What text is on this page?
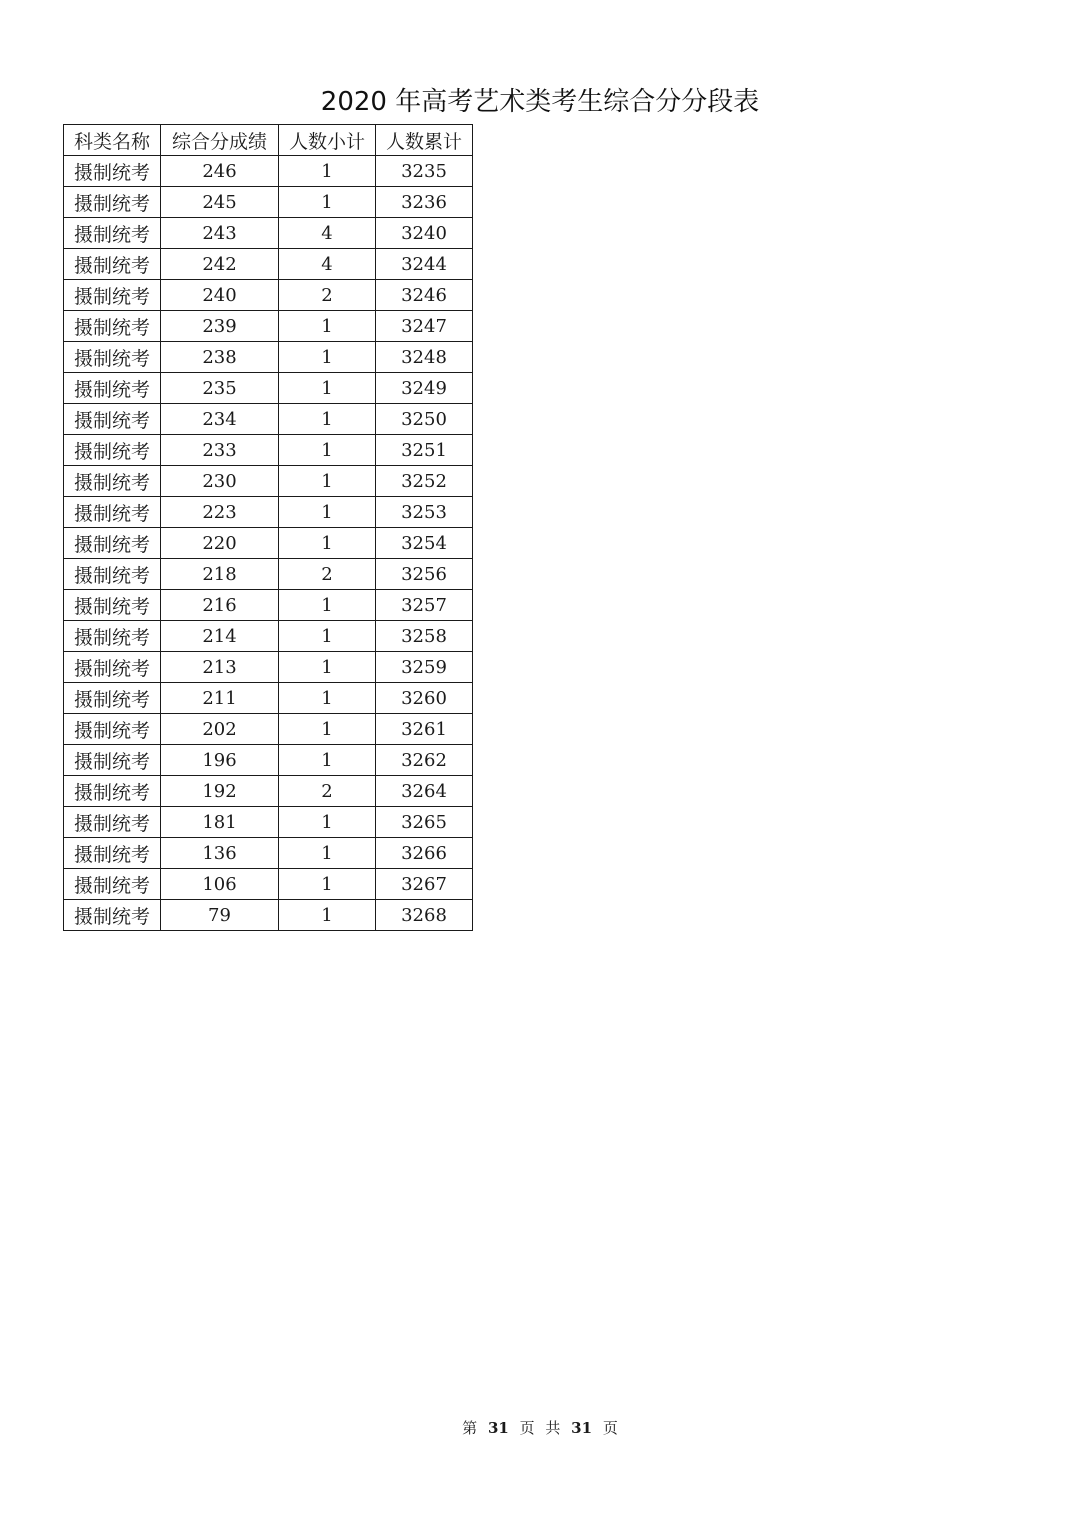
2020 年高考艺术类考生综合分分段表
科类名称	综合分成绩	人数小计	人数累计
摄制统考	246	1	3235
摄制统考	245	1	3236
摄制统考	243	4	3240
摄制统考	242	4	3244
摄制统考	240	2	3246
摄制统考	239	1	3247
摄制统考	238	1	3248
摄制统考	235	1	3249
摄制统考	234	1	3250
摄制统考	233	1	3251
摄制统考	230	1	3252
摄制统考	223	1	3253
摄制统考	220	1	3254
摄制统考	218	2	3256
摄制统考	216	1	3257
摄制统考	214	1	3258
摄制统考	213	1	3259
摄制统考	211	1	3260
摄制统考	202	1	3261
摄制统考	196	1	3262
摄制统考	192	2	3264
摄制统考	181	1	3265
摄制统考	136	1	3266
摄制统考	106	1	3267
摄制统考	79	1	3268
第 31 页 共 31 页
